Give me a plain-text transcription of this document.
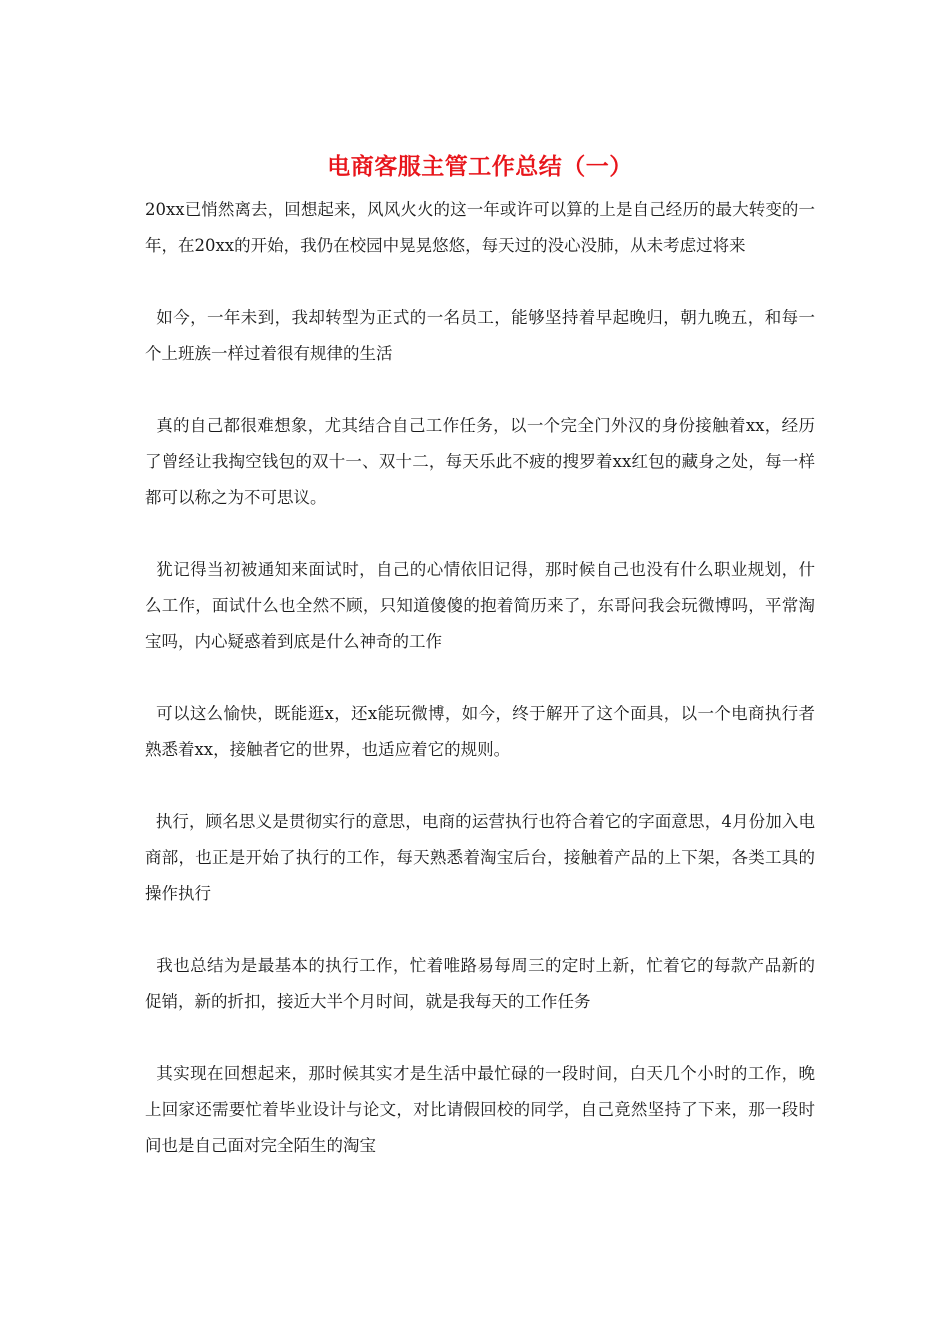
电商客服主管工作总结（一）

20xx已悄然离去，回想起来，风风火火的这一年或许可以算的上是自己经历的最大转变的一年，在20xx的开始，我仍在校园中晃晃悠悠，每天过的没心没肺，从未考虑过将来

如今，一年未到，我却转型为正式的一名员工，能够坚持着早起晚归，朝九晚五，和每一个上班族一样过着很有规律的生活

真的自己都很难想象，尤其结合自己工作任务，以一个完全门外汉的身份接触着xx，经历了曾经让我掏空钱包的双十一、双十二，每天乐此不疲的搜罗着xx红包的藏身之处，每一样都可以称之为不可思议。

犹记得当初被通知来面试时，自己的心情依旧记得，那时候自己也没有什么职业规划，什么工作，面试什么也全然不顾，只知道傻傻的抱着简历来了，东哥问我会玩微博吗，平常淘宝吗，内心疑惑着到底是什么神奇的工作

可以这么愉快，既能逛x，还x能玩微博，如今，终于解开了这个面具，以一个电商执行者熟悉着xx，接触者它的世界，也适应着它的规则。

执行，顾名思义是贯彻实行的意思，电商的运营执行也符合着它的字面意思，4月份加入电商部，也正是开始了执行的工作，每天熟悉着淘宝后台，接触着产品的上下架，各类工具的操作执行

我也总结为是最基本的执行工作，忙着唯路易每周三的定时上新，忙着它的每款产品新的促销，新的折扣，接近大半个月时间，就是我每天的工作任务

其实现在回想起来，那时候其实才是生活中最忙碌的一段时间，白天几个小时的工作，晚上回家还需要忙着毕业设计与论文，对比请假回校的同学，自己竟然坚持了下来，那一段时间也是自己面对完全陌生的淘宝
